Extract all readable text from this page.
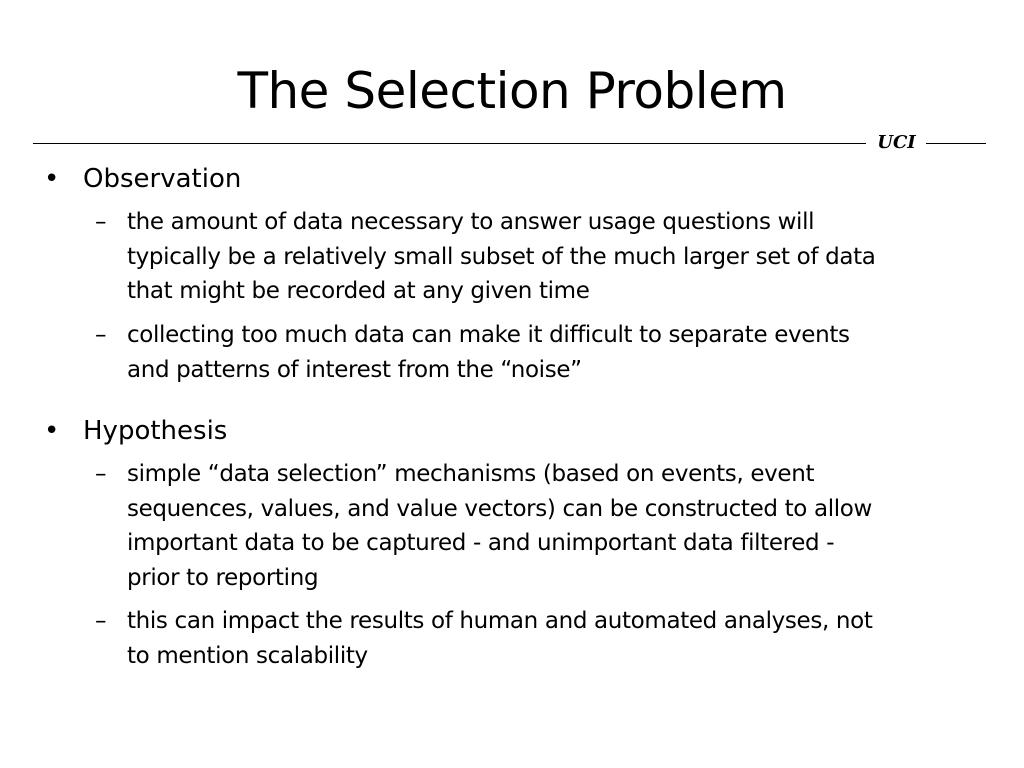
The Selection Problem
UCI
• Observation
– the amount of data necessary to answer usage questions will
typically be a relatively small subset of the much larger set of data
that might be recorded at any given time
– collecting too much data can make it difficult to separate events
and patterns of interest from the “noise”
• Hypothesis
– simple “data selection” mechanisms (based on events, event
sequences, values, and value vectors) can be constructed to allow
important data to be captured - and unimportant data filtered -
prior to reporting
– this can impact the results of human and automated analyses, not
to mention scalability
